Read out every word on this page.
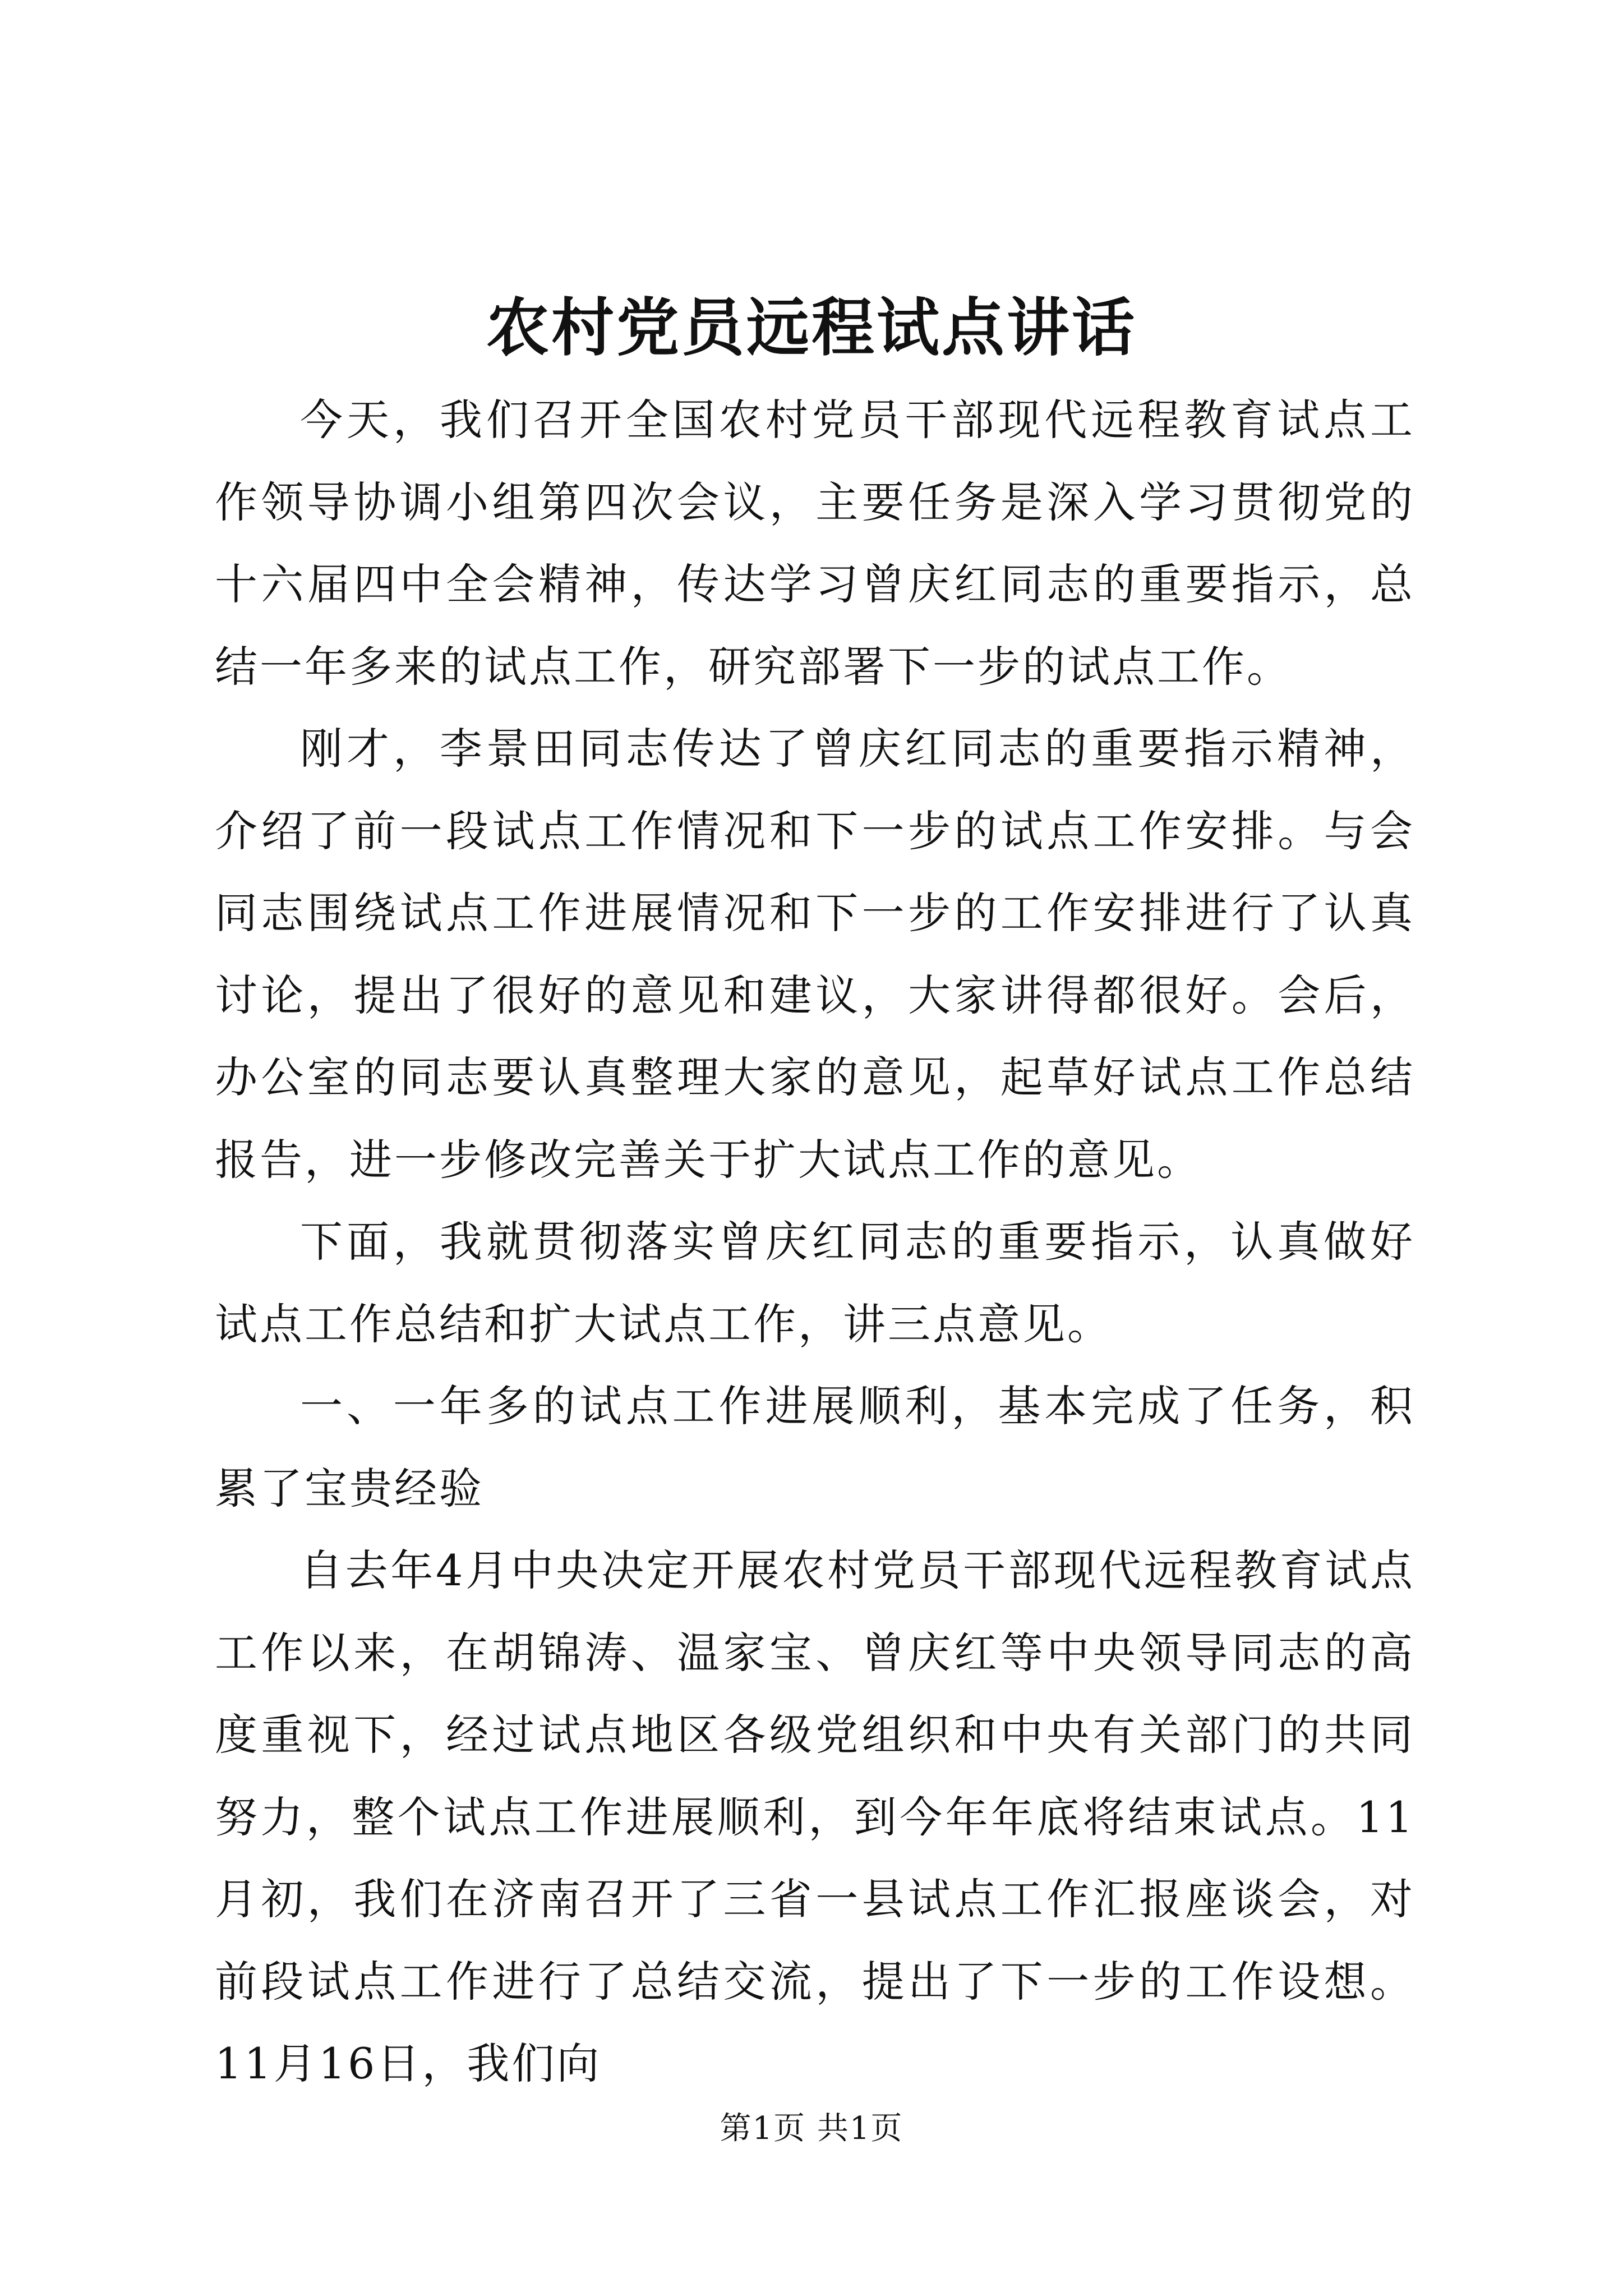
农村党员远程试点讲话

今天，我们召开全国农村党员干部现代远程教育试点工作领导协调小组第四次会议，主要任务是深入学习贯彻党的十六届四中全会精神，传达学习曾庆红同志的重要指示，总结一年多来的试点工作，研究部署下一步的试点工作。

刚才，李景田同志传达了曾庆红同志的重要指示精神，介绍了前一段试点工作情况和下一步的试点工作安排。与会同志围绕试点工作进展情况和下一步的工作安排进行了认真讨论，提出了很好的意见和建议，大家讲得都很好。会后，办公室的同志要认真整理大家的意见，起草好试点工作总结报告，进一步修改完善关于扩大试点工作的意见。

下面，我就贯彻落实曾庆红同志的重要指示，认真做好试点工作总结和扩大试点工作，讲三点意见。

一、一年多的试点工作进展顺利，基本完成了任务，积累了宝贵经验

自去年4月中央决定开展农村党员干部现代远程教育试点工作以来，在胡锦涛、温家宝、曾庆红等中央领导同志的高度重视下，经过试点地区各级党组织和中央有关部门的共同努力，整个试点工作进展顺利，到今年年底将结束试点。11月初，我们在济南召开了三省一县试点工作汇报座谈会，对前段试点工作进行了总结交流，提出了下一步的工作设想。11月16日，我们向

第1页 共1页
